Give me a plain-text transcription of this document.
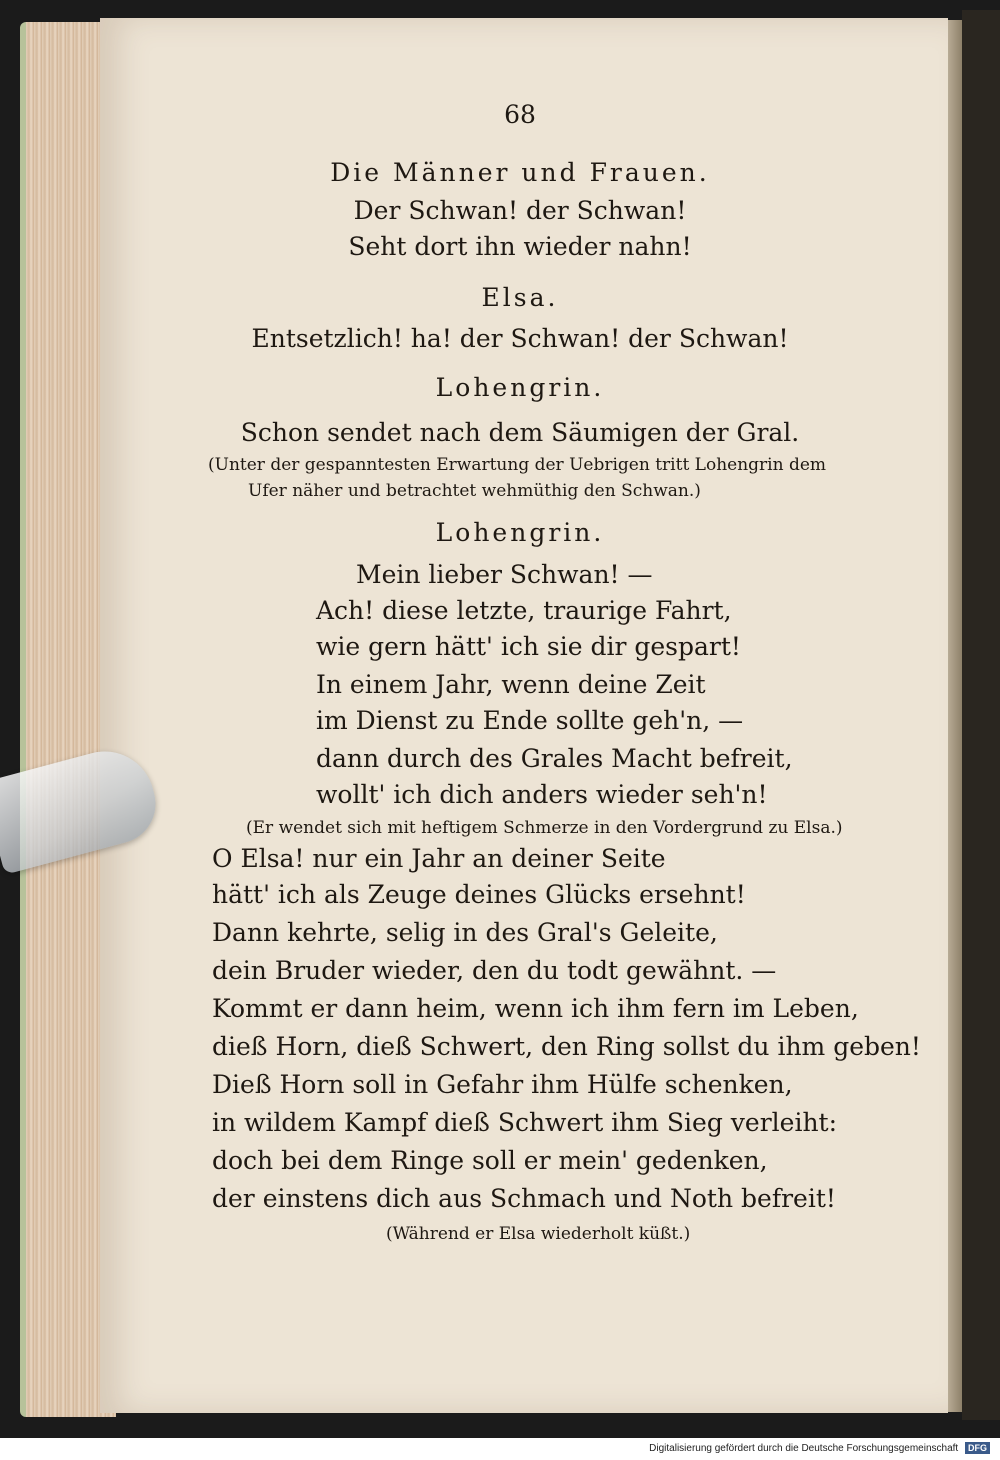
68
Die Männer und Frauen.
Der Schwan! der Schwan!
Seht dort ihn wieder nahn!
Elsa.
Entsetzlich! ha! der Schwan! der Schwan!
Lohengrin.
Schon sendet nach dem Säumigen der Gral.
(Unter der gespanntesten Erwartung der Uebrigen tritt Lohengrin dem
Ufer näher und betrachtet wehmüthig den Schwan.)
Lohengrin.
Mein lieber Schwan! —
Ach! diese letzte, traurige Fahrt,
wie gern hätt' ich sie dir gespart!
In einem Jahr, wenn deine Zeit
im Dienst zu Ende sollte geh'n, —
dann durch des Grales Macht befreit,
wollt' ich dich anders wieder seh'n!
(Er wendet sich mit heftigem Schmerze in den Vordergrund zu Elsa.)
O Elsa! nur ein Jahr an deiner Seite
hätt' ich als Zeuge deines Glücks ersehnt!
Dann kehrte, selig in des Gral's Geleite,
dein Bruder wieder, den du todt gewähnt. —
Kommt er dann heim, wenn ich ihm fern im Leben,
dieß Horn, dieß Schwert, den Ring sollst du ihm geben!
Dieß Horn soll in Gefahr ihm Hülfe schenken,
in wildem Kampf dieß Schwert ihm Sieg verleiht:
doch bei dem Ringe soll er mein' gedenken,
der einstens dich aus Schmach und Noth befreit!
(Während er Elsa wiederholt küßt.)
Digitalisierung gefördert durch die Deutsche Forschungsgemeinschaft DFG
